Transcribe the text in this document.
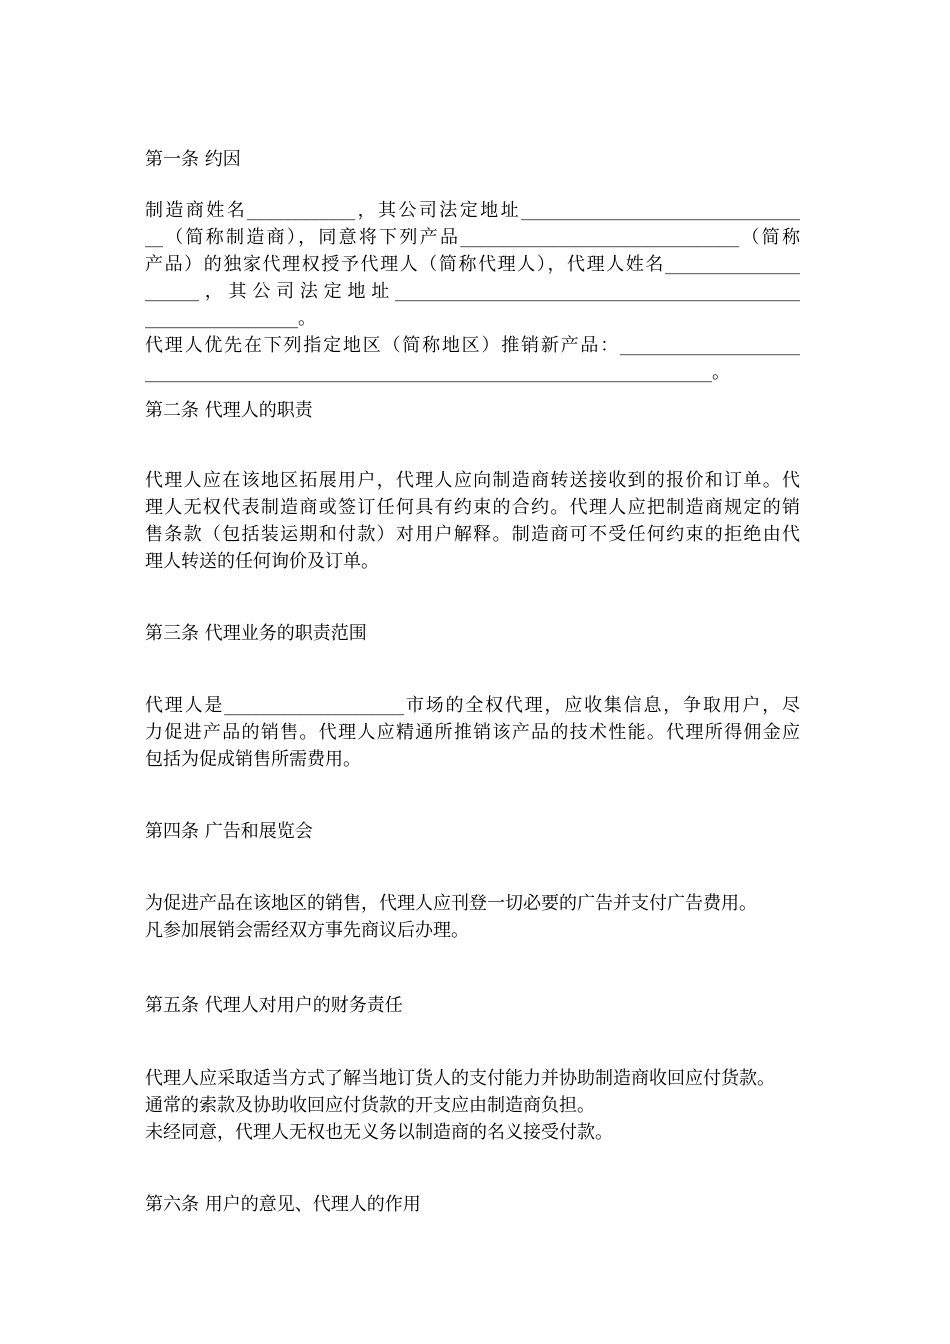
第一条 约因
制造商姓名____________，其公司法定地址_______________________________
__（简称制造商），同意将下列产品_______________________________（简称
产品）的独家代理权授予代理人（简称代理人），代理人姓名_______________
______，其公司法定地址_____________________________________________
_________________。
代理人优先在下列指定地区（简称地区）推销新产品：____________________
_______________________________________________________________。
第二条 代理人的职责
代理人应在该地区拓展用户，代理人应向制造商转送接收到的报价和订单。代
理人无权代表制造商或签订任何具有约束的合约。代理人应把制造商规定的销
售条款（包括装运期和付款）对用户解释。制造商可不受任何约束的拒绝由代
理人转送的任何询价及订单。
第三条 代理业务的职责范围
代理人是____________________市场的全权代理，应收集信息，争取用户，尽
力促进产品的销售。代理人应精通所推销该产品的技术性能。代理所得佣金应
包括为促成销售所需费用。
第四条 广告和展览会
为促进产品在该地区的销售，代理人应刊登一切必要的广告并支付广告费用。
凡参加展销会需经双方事先商议后办理。
第五条 代理人对用户的财务责任
代理人应采取适当方式了解当地订货人的支付能力并协助制造商收回应付货款。
通常的索款及协助收回应付货款的开支应由制造商负担。
未经同意，代理人无权也无义务以制造商的名义接受付款。
第六条 用户的意见、代理人的作用
